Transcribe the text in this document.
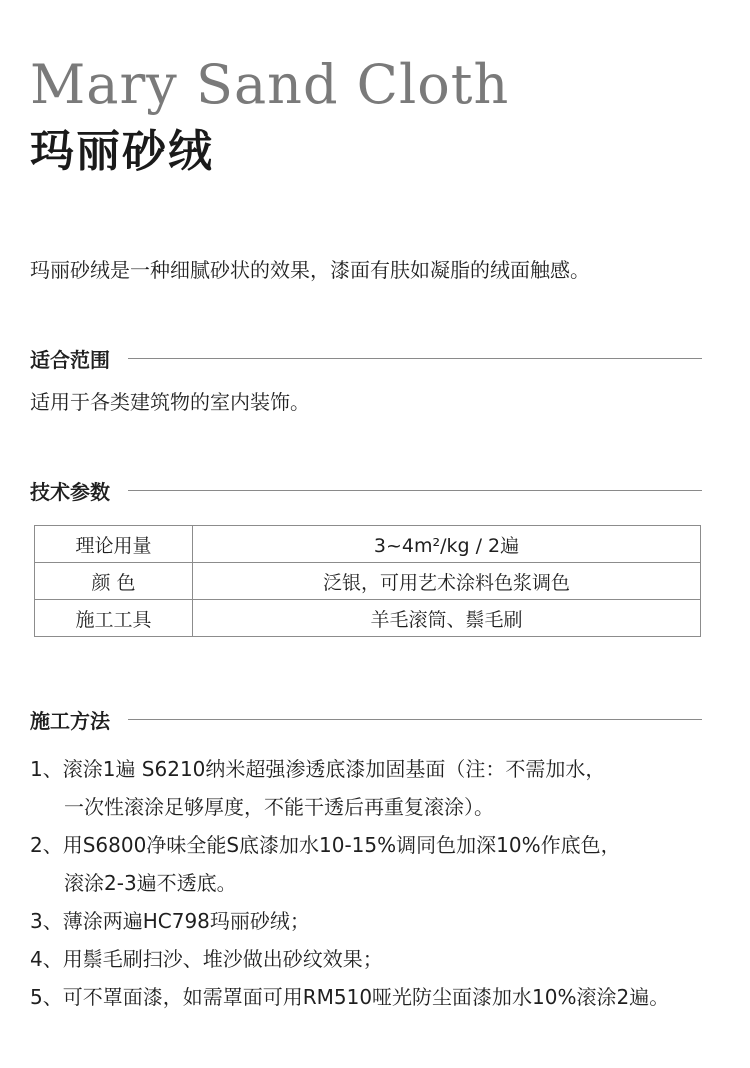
Mary Sand Cloth
玛丽砂绒

玛丽砂绒是一种细腻砂状的效果，漆面有肤如凝脂的绒面触感。

适合范围

适用于各类建筑物的室内装饰。

技术参数
理论用量	3~4m²/kg / 2遍
颜 色	泛银，可用艺术涂料色浆调色
施工工具	羊毛滚筒、鬃毛刷
施工方法
1、滚涂1遍 S6210纳米超强渗透底漆加固基面（注：不需加水，
一次性滚涂足够厚度，不能干透后再重复滚涂）。
2、用S6800净味全能S底漆加水10-15%调同色加深10%作底色，
滚涂2-3遍不透底。
3、薄涂两遍HC798玛丽砂绒；
4、用鬃毛刷扫沙、堆沙做出砂纹效果；
5、可不罩面漆，如需罩面可用RM510哑光防尘面漆加水10%滚涂2遍。
